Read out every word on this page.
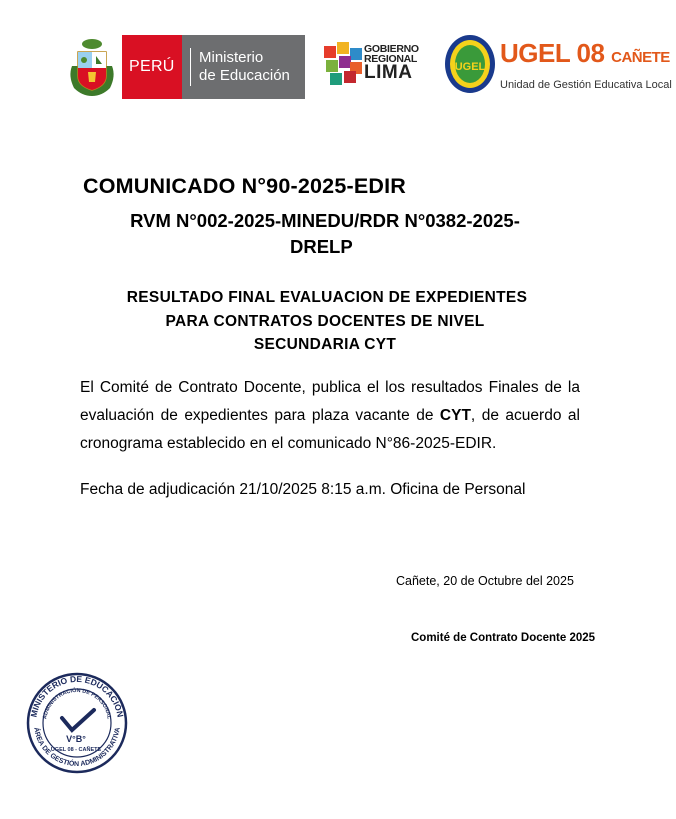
PERÚ
Ministerio
de Educación
GOBIERNO
REGIONAL
LIMA	UGEL UGEL 08 CAÑETE
Unidad de Gestión Educativa Local
COMUNICADO N°90-2025-EDIR
RVM N°002-2025-MINEDU/RDR N°0382-2025-
DRELP
RESULTADO FINAL EVALUACION DE EXPEDIENTES
PARA CONTRATOS DOCENTES DE NIVEL
SECUNDARIA CYT
El Comité de Contrato Docente, publica el los resultados Finales de la
evaluación de expedientes para plaza vacante de CYT, de acuerdo al
cronograma establecido en el comunicado N°86-2025-EDIR.
Fecha de adjudicación 21/10/2025 8:15 a.m. Oficina de Personal
Cañete, 20 de Octubre del 2025
Comité de Contrato Docente 2025
MINISTERIO DE EDUCACIÓN
ADMINISTRACIÓN DE PERSONAL
ÁREA DE GESTIÓN ADMINISTRATIVA
V°B°
UGEL 08 - CAÑETE
